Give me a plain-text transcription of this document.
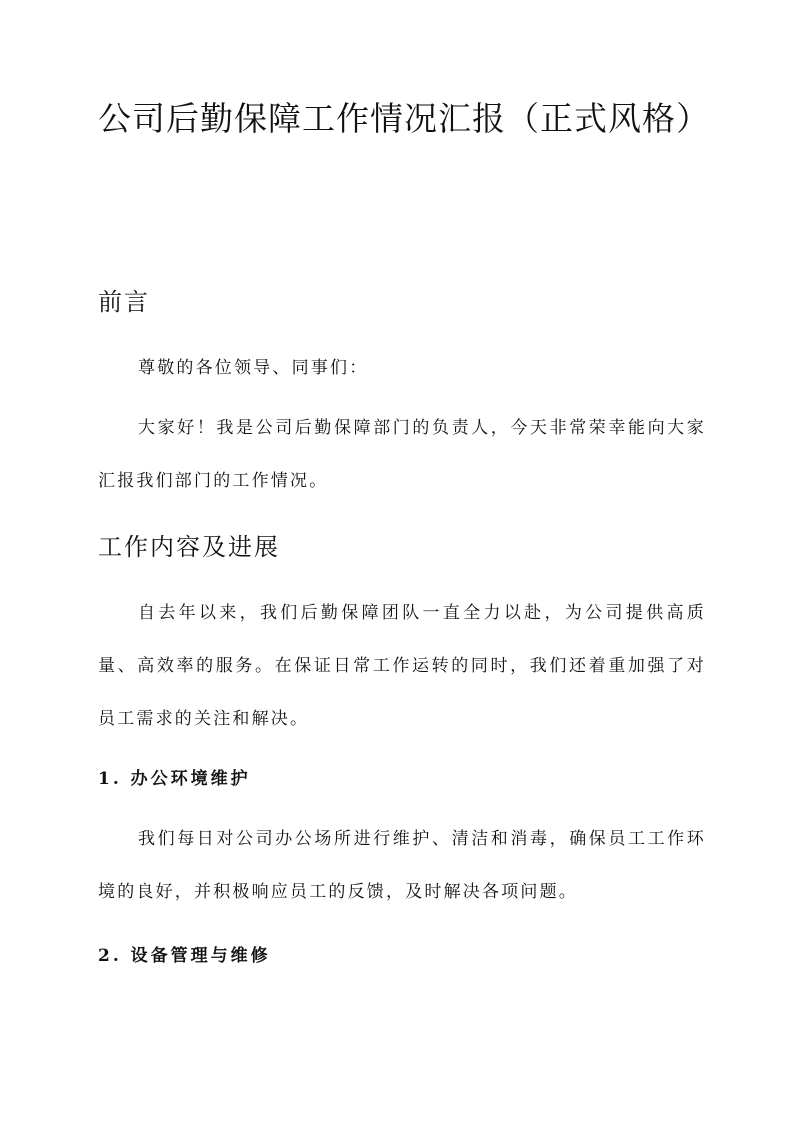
公司后勤保障工作情况汇报（正式风格）
前言

尊敬的各位领导、同事们：

大家好！我是公司后勤保障部门的负责人，今天非常荣幸能向大家汇报我们部门的工作情况。

工作内容及进展

自去年以来，我们后勤保障团队一直全力以赴，为公司提供高质量、高效率的服务。在保证日常工作运转的同时，我们还着重加强了对员工需求的关注和解决。

1. 办公环境维护

我们每日对公司办公场所进行维护、清洁和消毒，确保员工工作环境的良好，并积极响应员工的反馈，及时解决各项问题。

2. 设备管理与维修
